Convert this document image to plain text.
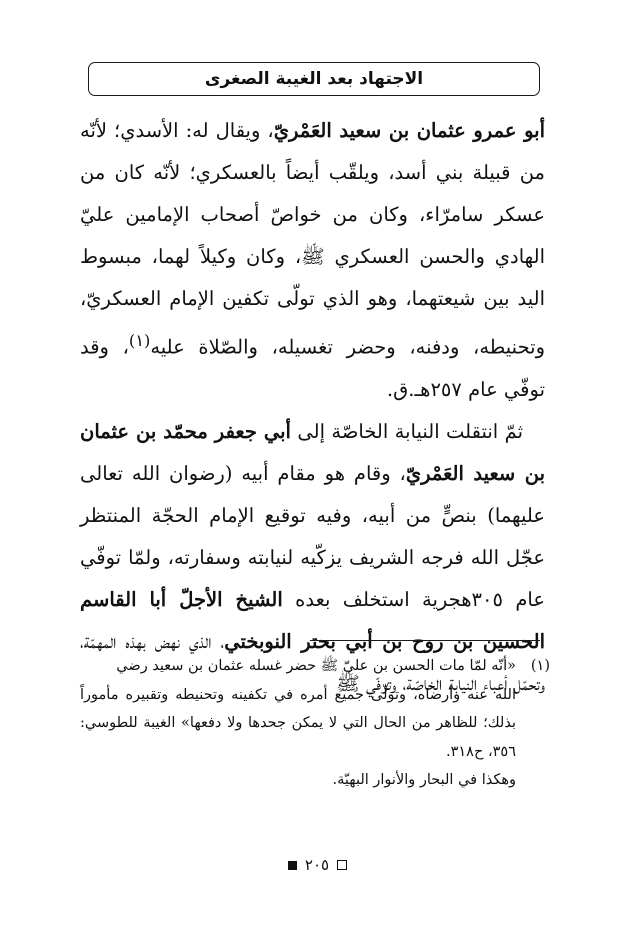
الاجتهاد بعد الغيبة الصغرى

أبو عمرو عثمان بن سعيد العَمْريّ، ويقال له: الأسدي؛ لأنّه من قبيلة بني أسد، ويلقّب أيضاً بالعسكري؛ لأنّه كان من عسكر سامرّاء، وكان من خواصّ أصحاب الإمامين عليّ الهادي والحسن العسكري ﷺ، وكان وكيلاً لهما، مبسوط اليد بين شيعتهما، وهو الذي تولّى تكفين الإمام العسكريّ، وتحنيطه، ودفنه، وحضر تغسيله، والصّلاة عليه$^{(١)}$، وقد توفّي عام ٢٥٧هـ.ق.

ثمّ انتقلت النيابة الخاصّة إلى أبي جعفر محمّد بن عثمان بن سعيد العَمْريّ، وقام هو مقام أبيه (رضوان الله تعالى عليهما) بنصٍّ من أبيه، وفيه توقيع الإمام الحجّة المنتظر عجّل الله فرجه الشريف يزكّيه لنيابته وسفارته، ولمّا توفّي عام ٣٠٥هجرية استخلف بعده الشيخ الأجلّ أبا القاسم الحسين بن روح بن أبي بحتر النوبختي، الذي نهض بهذه المهمّة، وتحمّل أعباء النيابة الخاصّة، وتوفّي ﷺ

(١)«أنّه لمّا مات الحسن بن عليّ ﷺ حضر غسله عثمان بن سعيد رضي

الله عنه وأرضاه، وتولّى جميع أمره في تكفينه وتحنيطه وتقبيره مأموراً بذلك؛ للظاهر من الحال التي لا يمكن جحدها ولا دفعها» الغيبة للطوسي: ٣٥٦، ح٣١٨.

وهكذا في البحار والأنوار البهيّة.

٢٠٥
